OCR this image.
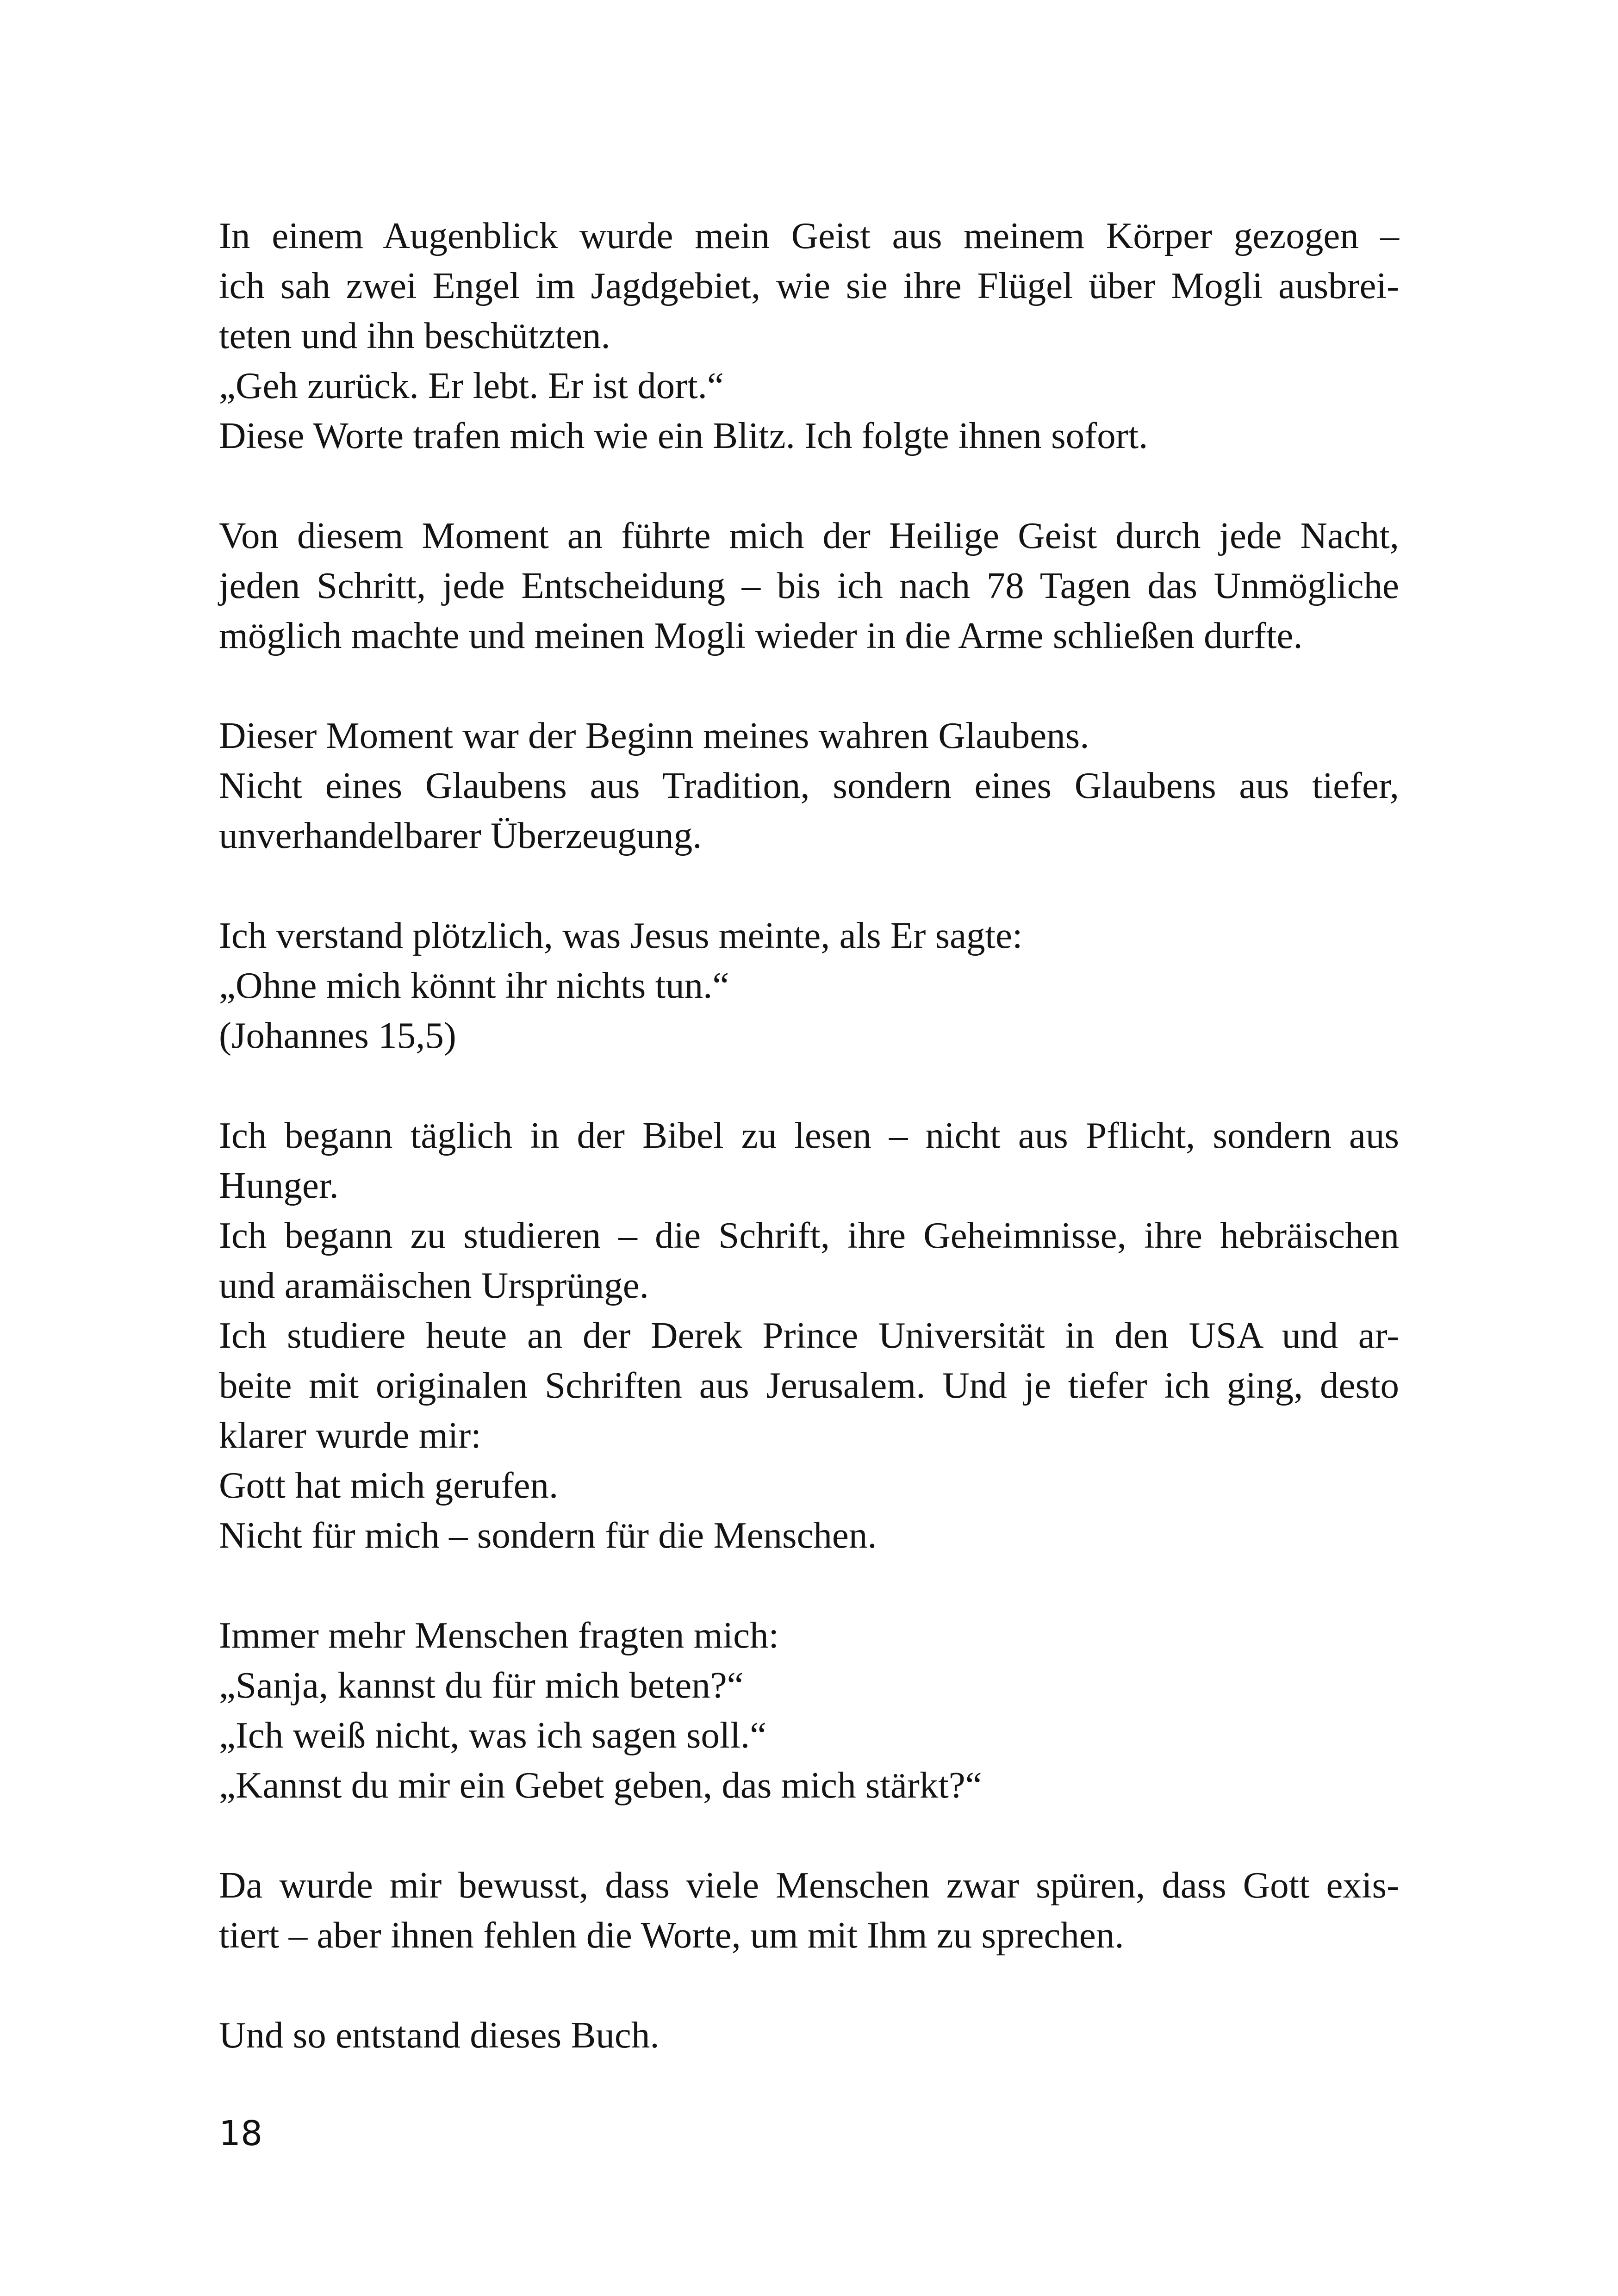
In einem Augenblick wurde mein Geist aus meinem Körper gezogen –
ich sah zwei Engel im Jagdgebiet, wie sie ihre Flügel über Mogli ausbrei-
teten und ihn beschützten.
„Geh zurück. Er lebt. Er ist dort.“
Diese Worte trafen mich wie ein Blitz. Ich folgte ihnen sofort.
Von diesem Moment an führte mich der Heilige Geist durch jede Nacht,
jeden Schritt, jede Entscheidung – bis ich nach 78 Tagen das Unmögliche
möglich machte und meinen Mogli wieder in die Arme schließen durfte.
Dieser Moment war der Beginn meines wahren Glaubens.
Nicht eines Glaubens aus Tradition, sondern eines Glaubens aus tiefer,
unverhandelbarer Überzeugung.
Ich verstand plötzlich, was Jesus meinte, als Er sagte:
„Ohne mich könnt ihr nichts tun.“
(Johannes 15,5)
Ich begann täglich in der Bibel zu lesen – nicht aus Pflicht, sondern aus
Hunger.
Ich begann zu studieren – die Schrift, ihre Geheimnisse, ihre hebräischen
und aramäischen Ursprünge.
Ich studiere heute an der Derek Prince Universität in den USA und ar-
beite mit originalen Schriften aus Jerusalem. Und je tiefer ich ging, desto
klarer wurde mir:
Gott hat mich gerufen.
Nicht für mich – sondern für die Menschen.
Immer mehr Menschen fragten mich:
„Sanja, kannst du für mich beten?“
„Ich weiß nicht, was ich sagen soll.“
„Kannst du mir ein Gebet geben, das mich stärkt?“
Da wurde mir bewusst, dass viele Menschen zwar spüren, dass Gott exis-
tiert – aber ihnen fehlen die Worte, um mit Ihm zu sprechen.
Und so entstand dieses Buch.
18
